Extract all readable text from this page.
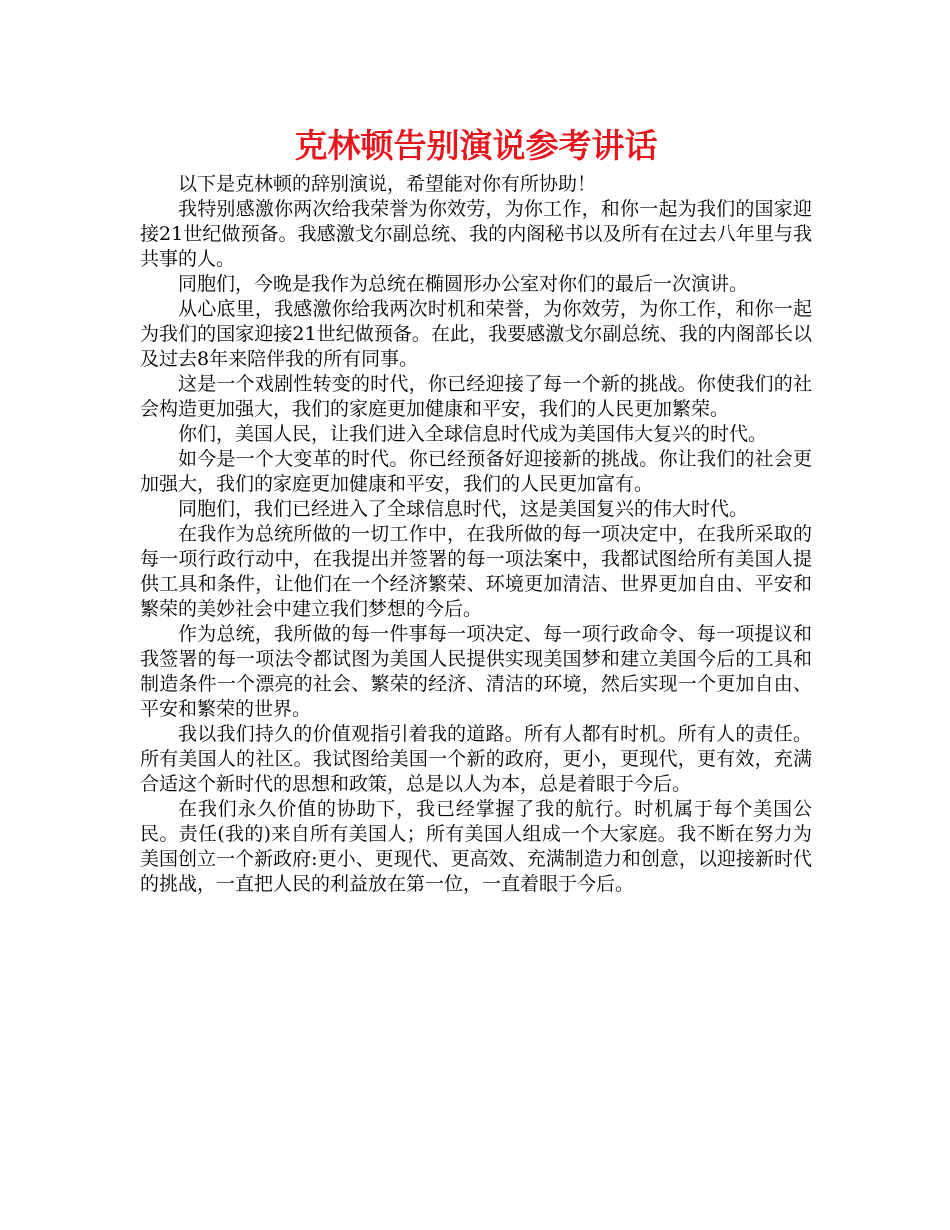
克林顿告别演说参考讲话

以下是克林顿的辞别演说，希望能对你有所协助！

我特别感激你两次给我荣誉为你效劳，为你工作，和你一起为我们的国家迎接21世纪做预备。我感激戈尔副总统、我的内阁秘书以及所有在过去八年里与我共事的人。

同胞们，今晚是我作为总统在椭圆形办公室对你们的最后一次演讲。

从心底里，我感激你给我两次时机和荣誉，为你效劳，为你工作，和你一起为我们的国家迎接21世纪做预备。在此，我要感激戈尔副总统、我的内阁部长以及过去8年来陪伴我的所有同事。

这是一个戏剧性转变的时代，你已经迎接了每一个新的挑战。你使我们的社会构造更加强大，我们的家庭更加健康和平安，我们的人民更加繁荣。

你们，美国人民，让我们进入全球信息时代成为美国伟大复兴的时代。

如今是一个大变革的时代。你已经预备好迎接新的挑战。你让我们的社会更加强大，我们的家庭更加健康和平安，我们的人民更加富有。

同胞们，我们已经进入了全球信息时代，这是美国复兴的伟大时代。

在我作为总统所做的一切工作中，在我所做的每一项决定中，在我所采取的每一项行政行动中，在我提出并签署的每一项法案中，我都试图给所有美国人提供工具和条件，让他们在一个经济繁荣、环境更加清洁、世界更加自由、平安和繁荣的美妙社会中建立我们梦想的今后。

作为总统，我所做的每一件事每一项决定、每一项行政命令、每一项提议和我签署的每一项法令都试图为美国人民提供实现美国梦和建立美国今后的工具和制造条件一个漂亮的社会、繁荣的经济、清洁的环境，然后实现一个更加自由、平安和繁荣的世界。

我以我们持久的价值观指引着我的道路。所有人都有时机。所有人的责任。所有美国人的社区。我试图给美国一个新的政府，更小，更现代，更有效，充满合适这个新时代的思想和政策，总是以人为本，总是着眼于今后。

在我们永久价值的协助下，我已经掌握了我的航行。时机属于每个美国公民。责任(我的)来自所有美国人；所有美国人组成一个大家庭。我不断在努力为美国创立一个新政府:更小、更现代、更高效、充满制造力和创意，以迎接新时代的挑战，一直把人民的利益放在第一位，一直着眼于今后。
